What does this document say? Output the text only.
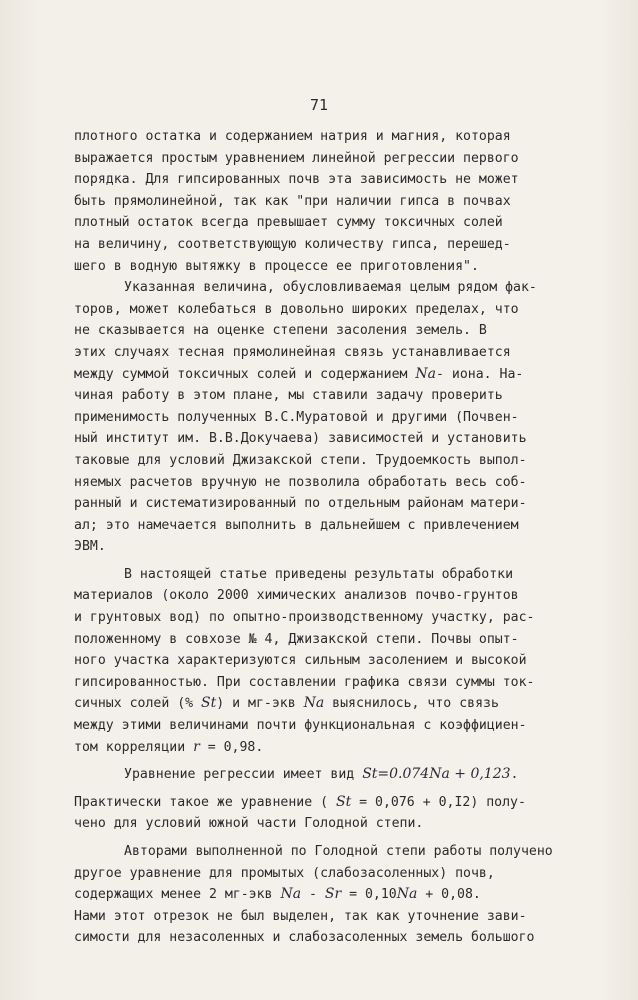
71
плотного остатка и содержанием натрия и магния, которая
выражается простым уравнением линейной регрессии первого
порядка. Для гипсированных почв эта зависимость не может
быть прямолинейной, так как "при наличии гипса в почвах
плотный остаток всегда превышает сумму токсичных солей
на величину, соответствующую количеству гипса, перешед-
шего в водную вытяжку в процессе ее приготовления".
Указанная величина, обусловливаемая целым рядом фак-
торов, может колебаться в довольно широких пределах, что
не сказывается на оценке степени засоления земель. В
этих случаях тесная прямолинейная связь устанавливается
между суммой токсичных солей и содержанием Na- иона. На-
чиная работу в этом плане, мы ставили задачу проверить
применимость полученных В.С.Муратовой и другими (Почвен-
ный институт им. В.В.Докучаева) зависимостей и установить
таковые для условий Джизакской степи. Трудоемкость выпол-
няемых расчетов вручную не позволила обработать весь соб-
ранный и систематизированный по отдельным районам матери-
ал; это намечается выполнить в дальнейшем с привлечением
ЭВМ.
В настоящей статье приведены результаты обработки
материалов (около 2000 химических анализов почво-грунтов
и грунтовых вод) по опытно-производственному участку, рас-
положенному в совхозе № 4, Джизакской степи. Почвы опыт-
ного участка характеризуются сильным засолением и высокой
гипсированностью. При составлении графика связи суммы ток-
сичных солей (% St) и мг-экв Na выяснилось, что связь
между этими величинами почти функциональная с коэффициен-
том корреляции r = 0,98.
Уравнение регрессии имеет вид St=0.074Na + 0,123.
Практически такое же уравнение ( St = 0,076 + 0,I2) полу-
чено для условий южной части Голодной степи.
Авторами выполненной по Голодной степи работы получено
другое уравнение для промытых (слабозасоленных) почв,
содержащих менее 2 мг-экв Na - Sr = 0,10Na + 0,08.
Нами этот отрезок не был выделен, так как уточнение зави-
симости для незасоленных и слабозасоленных земель большого
